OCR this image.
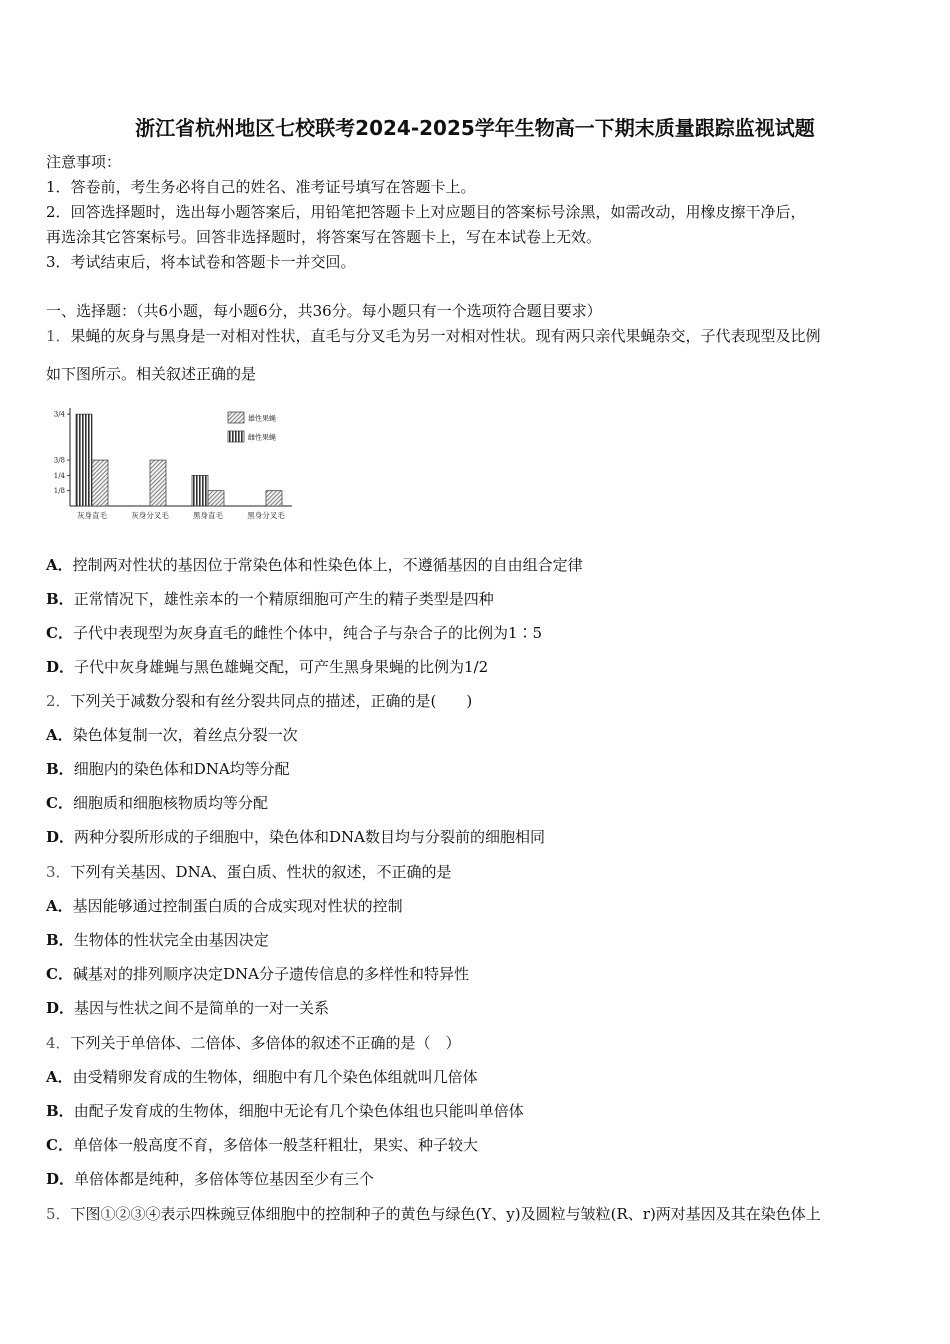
浙江省杭州地区七校联考2024-2025学年生物高一下期末质量跟踪监视试题
注意事项：
1．答卷前，考生务必将自己的姓名、准考证号填写在答题卡上。
2．回答选择题时，选出每小题答案后，用铅笔把答题卡上对应题目的答案标号涂黑，如需改动，用橡皮擦干净后，
再选涂其它答案标号。回答非选择题时，将答案写在答题卡上，写在本试卷上无效。
3．考试结束后，将本试卷和答题卡一并交回。
一、选择题：（共6小题，每小题6分，共36分。每小题只有一个选项符合题目要求）
1．果蝇的灰身与黑身是一对相对性状，直毛与分叉毛为另一对相对性状。现有两只亲代果蝇杂交，子代表现型及比例
如下图所示。相关叙述正确的是
3/4
3/8
1/4
1/8
灰身直毛	灰身分叉毛	黑身直毛	黑身分叉毛
雄性果蝇
雌性果蝇
A．控制两对性状的基因位于常染色体和性染色体上，不遵循基因的自由组合定律
B．正常情况下，雄性亲本的一个精原细胞可产生的精子类型是四种
C．子代中表现型为灰身直毛的雌性个体中，纯合子与杂合子的比例为1∶5
D．子代中灰身雄蝇与黑色雄蝇交配，可产生黑身果蝇的比例为1/2
2．下列关于减数分裂和有丝分裂共同点的描述，正确的是(　　)
A．染色体复制一次，着丝点分裂一次
B．细胞内的染色体和DNA均等分配
C．细胞质和细胞核物质均等分配
D．两种分裂所形成的子细胞中，染色体和DNA数目均与分裂前的细胞相同
3．下列有关基因、DNA、蛋白质、性状的叙述，不正确的是
A．基因能够通过控制蛋白质的合成实现对性状的控制
B．生物体的性状完全由基因决定
C．碱基对的排列顺序决定DNA分子遗传信息的多样性和特异性
D．基因与性状之间不是简单的一对一关系
4．下列关于单倍体、二倍体、多倍体的叙述不正确的是（　）
A．由受精卵发育成的生物体，细胞中有几个染色体组就叫几倍体
B．由配子发育成的生物体，细胞中无论有几个染色体组也只能叫单倍体
C．单倍体一般高度不育，多倍体一般茎秆粗壮，果实、种子较大
D．单倍体都是纯种，多倍体等位基因至少有三个
5．下图①②③④表示四株豌豆体细胞中的控制种子的黄色与绿色(Y、y)及圆粒与皱粒(R、r)两对基因及其在染色体上
